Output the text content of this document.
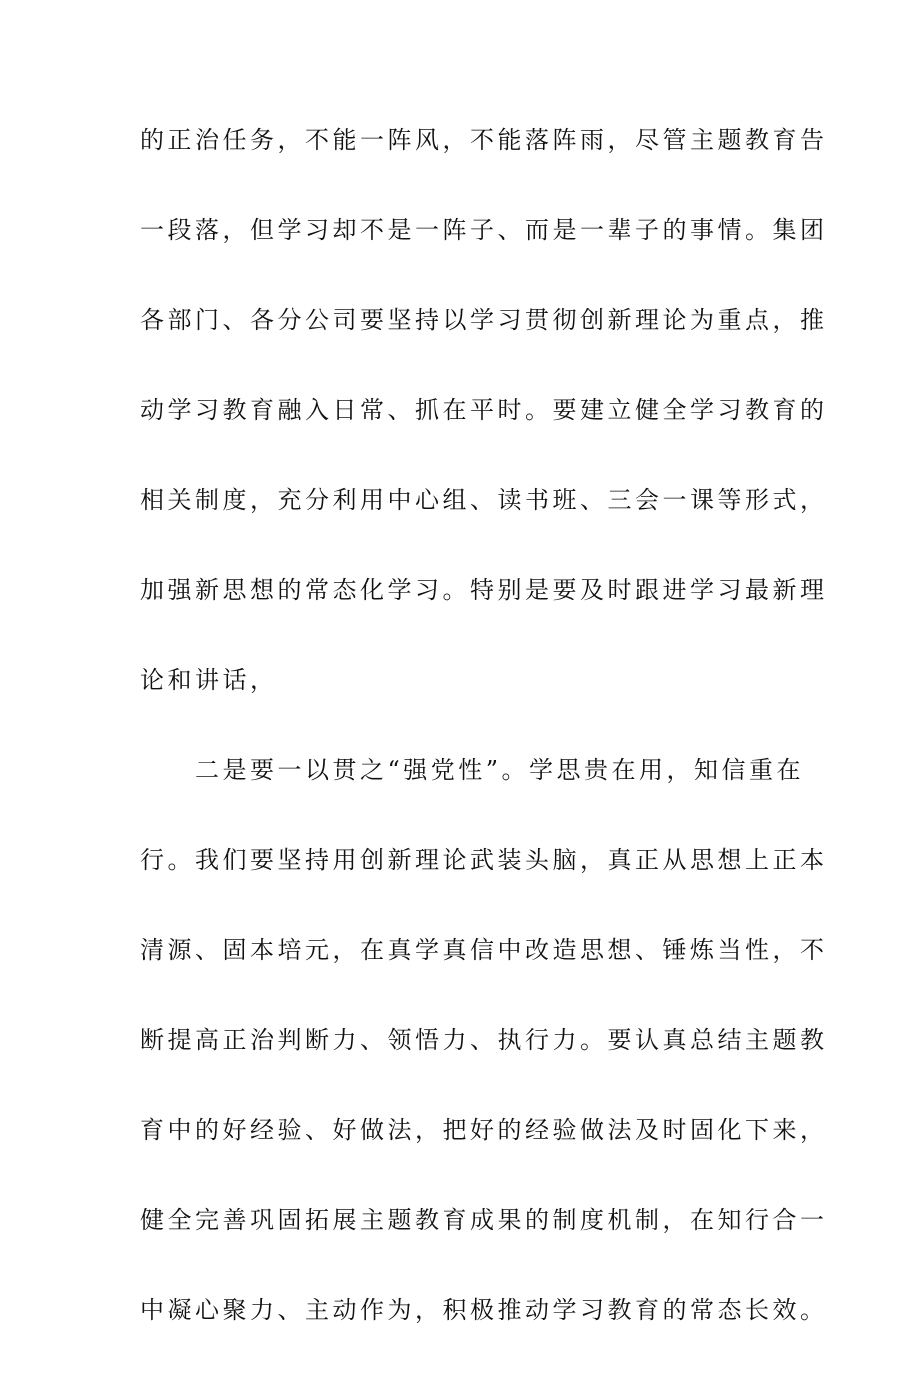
的正治任务，不能一阵风，不能落阵雨，尽管主题教育告
一段落，但学习却不是一阵子、而是一辈子的事情。集团
各部门、各分公司要坚持以学习贯彻创新理论为重点，推
动学习教育融入日常、抓在平时。要建立健全学习教育的
相关制度，充分利用中心组、读书班、三会一课等形式，
加强新思想的常态化学习。特别是要及时跟进学习最新理
论和讲话，
　　二是要一以贯之“强党性”。学思贵在用，知信重在
行。我们要坚持用创新理论武装头脑，真正从思想上正本
清源、固本培元，在真学真信中改造思想、锤炼当性，不
断提高正治判断力、领悟力、执行力。要认真总结主题教
育中的好经验、好做法，把好的经验做法及时固化下来，
健全完善巩固拓展主题教育成果的制度机制，在知行合一
中凝心聚力、主动作为，积极推动学习教育的常态长效。
